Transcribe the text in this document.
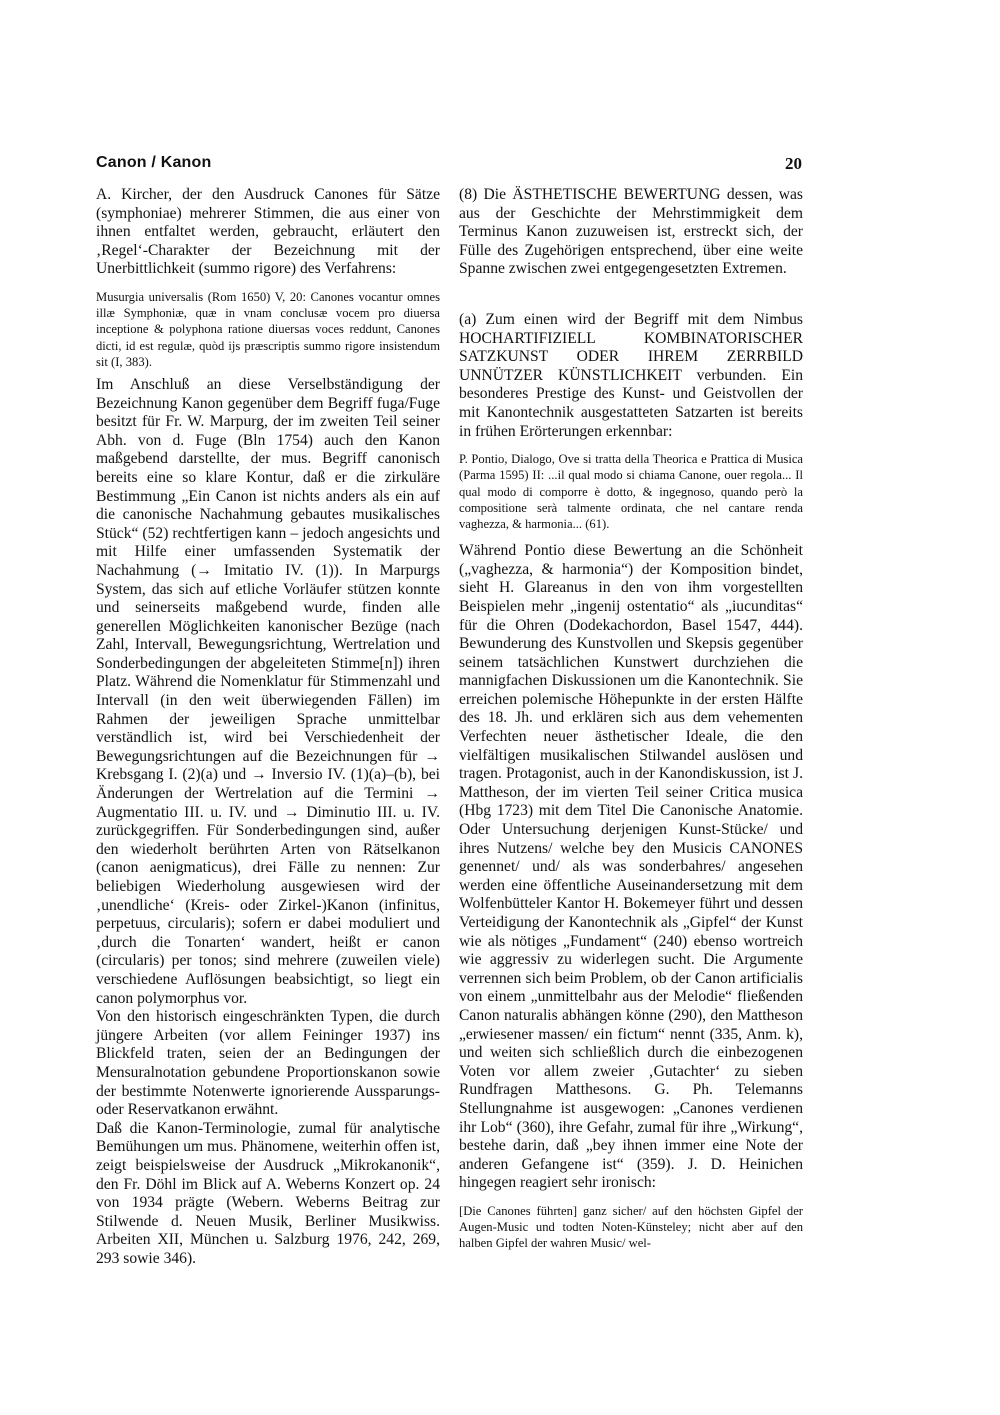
Canon / Kanon	20

A. Kircher, der den Ausdruck Canones für Sätze (symphoniae) mehrerer Stimmen, die aus einer von ihnen entfaltet werden, gebraucht, erläutert den ‚Regel‘-Charakter der Bezeichnung mit der Unerbittlichkeit (summo rigore) des Verfahrens:

Musurgia universalis (Rom 1650) V, 20: Canones vocantur omnes illæ Symphoniæ, quæ in vnam conclusæ vocem pro diuersa inceptione & polyphona ratione diuersas voces reddunt, Canones dicti, id est regulæ, quòd ijs præscriptis summo rigore insistendum sit (I, 383).

Im Anschluß an diese Verselbständigung der Bezeichnung Kanon gegenüber dem Begriff fuga/Fuge besitzt für Fr. W. Marpurg, der im zweiten Teil seiner Abh. von d. Fuge (Bln 1754) auch den Kanon maßgebend darstellte, der mus. Begriff canonisch bereits eine so klare Kontur, daß er die zirkuläre Bestimmung „Ein Canon ist nichts anders als ein auf die canonische Nachahmung gebautes musikalisches Stück“ (52) rechtfertigen kann – jedoch angesichts und mit Hilfe einer umfassenden Systematik der Nachahmung (→ Imitatio IV. (1)). In Marpurgs System, das sich auf etliche Vorläufer stützen konnte und seinerseits maßgebend wurde, finden alle generellen Möglichkeiten kanonischer Bezüge (nach Zahl, Intervall, Bewegungsrichtung, Wertrelation und Sonderbedingungen der abgeleiteten Stimme[n]) ihren Platz. Während die Nomenklatur für Stimmenzahl und Intervall (in den weit überwiegenden Fällen) im Rahmen der jeweiligen Sprache unmittelbar verständlich ist, wird bei Verschiedenheit der Bewegungsrichtungen auf die Bezeichnungen für → Krebsgang I. (2)(a) und → Inversio IV. (1)(a)–(b), bei Änderungen der Wertrelation auf die Termini → Augmentatio III. u. IV. und → Diminutio III. u. IV. zurückgegriffen. Für Sonderbedingungen sind, außer den wiederholt berührten Arten von Rätselkanon (canon aenigmaticus), drei Fälle zu nennen: Zur beliebigen Wiederholung ausgewiesen wird der ‚unendliche‘ (Kreis- oder Zirkel-)Kanon (infinitus, perpetuus, circularis); sofern er dabei moduliert und ‚durch die Tonarten‘ wandert, heißt er canon (circularis) per tonos; sind mehrere (zuweilen viele) verschiedene Auflösungen beabsichtigt, so liegt ein canon polymorphus vor.

Von den historisch eingeschränkten Typen, die durch jüngere Arbeiten (vor allem Feininger 1937) ins Blickfeld traten, seien der an Bedingungen der Mensuralnotation gebundene Proportionskanon sowie der bestimmte Notenwerte ignorierende Aussparungs- oder Reservatkanon erwähnt.

Daß die Kanon-Terminologie, zumal für analytische Bemühungen um mus. Phänomene, weiterhin offen ist, zeigt beispielsweise der Ausdruck „Mikrokanonik“, den Fr. Döhl im Blick auf A. Weberns Konzert op. 24 von 1934 prägte (Webern. Weberns Beitrag zur Stilwende d. Neuen Musik, Berliner Musikwiss. Arbeiten XII, München u. Salzburg 1976, 242, 269, 293 sowie 346).

(8) Die ÄSTHETISCHE BEWERTUNG dessen, was aus der Geschichte der Mehrstimmigkeit dem Terminus Kanon zuzuweisen ist, erstreckt sich, der Fülle des Zugehörigen entsprechend, über eine weite Spanne zwischen zwei entgegengesetzten Extremen.

(a) Zum einen wird der Begriff mit dem Nimbus HOCHARTIFIZIELL KOMBINATORISCHER SATZKUNST ODER IHREM ZERRBILD UNNÜTZER KÜNSTLICHKEIT verbunden. Ein besonderes Prestige des Kunst- und Geistvollen der mit Kanontechnik ausgestatteten Satzarten ist bereits in frühen Erörterungen erkennbar:

P. Pontio, Dialogo, Ove si tratta della Theorica e Prattica di Musica (Parma 1595) II: ...il qual modo si chiama Canone, ouer regola... Il qual modo di comporre è dotto, & ingegnoso, quando però la compositione serà talmente ordinata, che nel cantare renda vaghezza, & harmonia... (61).

Während Pontio diese Bewertung an die Schönheit („vaghezza, & harmonia“) der Komposition bindet, sieht H. Glareanus in den von ihm vorgestellten Beispielen mehr „ingenij ostentatio“ als „iucunditas“ für die Ohren (Dodekachordon, Basel 1547, 444). Bewunderung des Kunstvollen und Skepsis gegenüber seinem tatsächlichen Kunstwert durchziehen die mannigfachen Diskussionen um die Kanontechnik. Sie erreichen polemische Höhepunkte in der ersten Hälfte des 18. Jh. und erklären sich aus dem vehementen Verfechten neuer ästhetischer Ideale, die den vielfältigen musikalischen Stilwandel auslösen und tragen. Protagonist, auch in der Kanondiskussion, ist J. Mattheson, der im vierten Teil seiner Critica musica (Hbg 1723) mit dem Titel Die Canonische Anatomie. Oder Untersuchung derjenigen Kunst-Stücke/ und ihres Nutzens/ welche bey den Musicis CANONES genennet/ und/ als was sonderbahres/ angesehen werden eine öffentliche Auseinandersetzung mit dem Wolfenbütteler Kantor H. Bokemeyer führt und dessen Verteidigung der Kanontechnik als „Gipfel“ der Kunst wie als nötiges „Fundament“ (240) ebenso wortreich wie aggressiv zu widerlegen sucht. Die Argumente verrennen sich beim Problem, ob der Canon artificialis von einem „unmittelbahr aus der Melodie“ fließenden Canon naturalis abhängen könne (290), den Mattheson „erwiesener massen/ ein fictum“ nennt (335, Anm. k), und weiten sich schließlich durch die einbezogenen Voten vor allem zweier ‚Gutachter‘ zu sieben Rundfragen Matthesons. G. Ph. Telemanns Stellungnahme ist ausgewogen: „Canones verdienen ihr Lob“ (360), ihre Gefahr, zumal für ihre „Wirkung“, bestehe darin, daß „bey ihnen immer eine Note der anderen Gefangene ist“ (359). J. D. Heinichen hingegen reagiert sehr ironisch:

[Die Canones führten] ganz sicher/ auf den höchsten Gipfel der Augen-Music und todten Noten-Künsteley; nicht aber auf den halben Gipfel der wahren Music/ wel-
